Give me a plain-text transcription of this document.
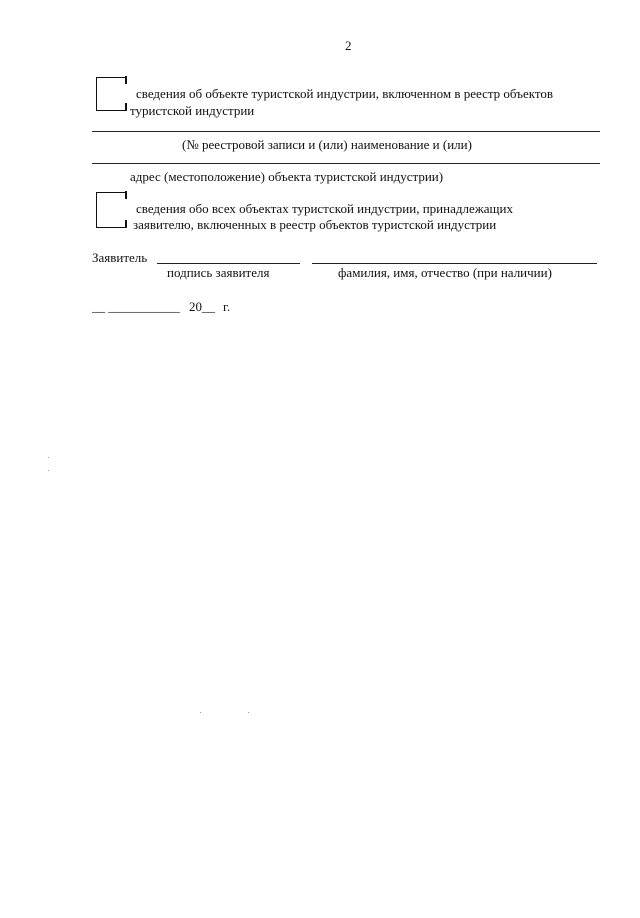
2
сведения об объекте туристской индустрии, включенном в реестр объектов
туристской индустрии
(№ реестровой записи и (или) наименование и (или)
адрес (местоположение) объекта туристской индустрии)
сведения обо всех объектах туристской индустрии, принадлежащих
заявителю, включенных в реестр объектов туристской индустрии
Заявитель
подпись заявителя	фамилия, имя, отчество (при наличии)
__ ___________ 20__ г.
